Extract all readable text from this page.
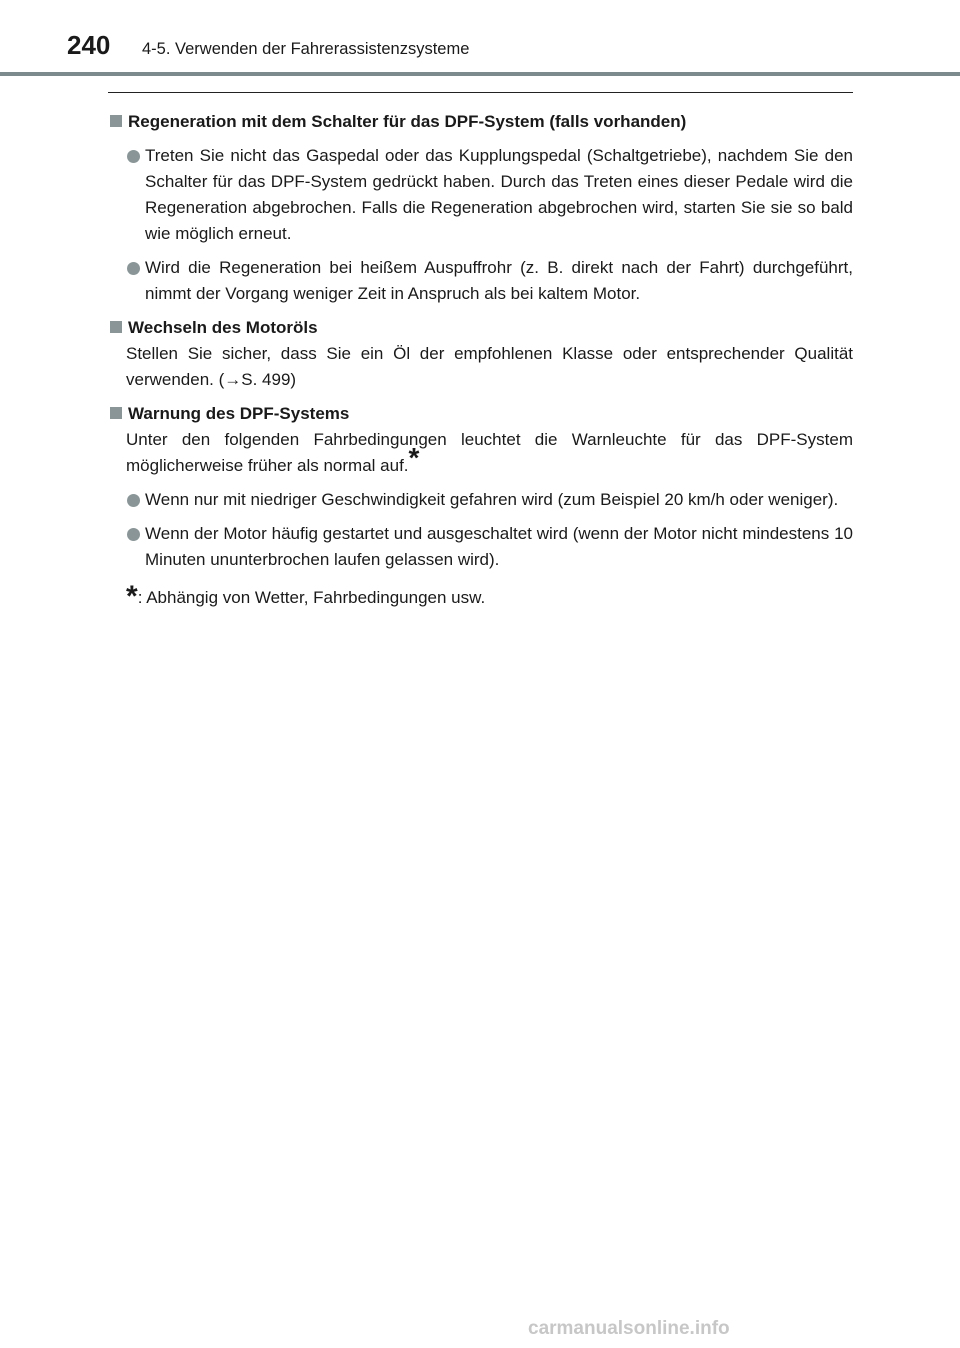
240 4-5. Verwenden der Fahrerassistenzsysteme
Regeneration mit dem Schalter für das DPF-System (falls vorhanden)
Treten Sie nicht das Gaspedal oder das Kupplungspedal (Schaltgetriebe), nachdem Sie den Schalter für das DPF-System gedrückt haben. Durch das Treten eines dieser Pedale wird die Regeneration abgebrochen. Falls die Regeneration abgebrochen wird, starten Sie sie so bald wie möglich erneut.
Wird die Regeneration bei heißem Auspuffrohr (z. B. direkt nach der Fahrt) durchgeführt, nimmt der Vorgang weniger Zeit in Anspruch als bei kaltem Motor.
Wechseln des Motoröls
Stellen Sie sicher, dass Sie ein Öl der empfohlenen Klasse oder entsprechender Qualität verwenden. (→S. 499)
Warnung des DPF-Systems
Unter den folgenden Fahrbedingungen leuchtet die Warnleuchte für das DPF-System möglicherweise früher als normal auf.*
Wenn nur mit niedriger Geschwindigkeit gefahren wird (zum Beispiel 20 km/h oder weniger).
Wenn der Motor häufig gestartet und ausgeschaltet wird (wenn der Motor nicht mindestens 10 Minuten ununterbrochen laufen gelassen wird).
*: Abhängig von Wetter, Fahrbedingungen usw.
carmanualsonline.info
